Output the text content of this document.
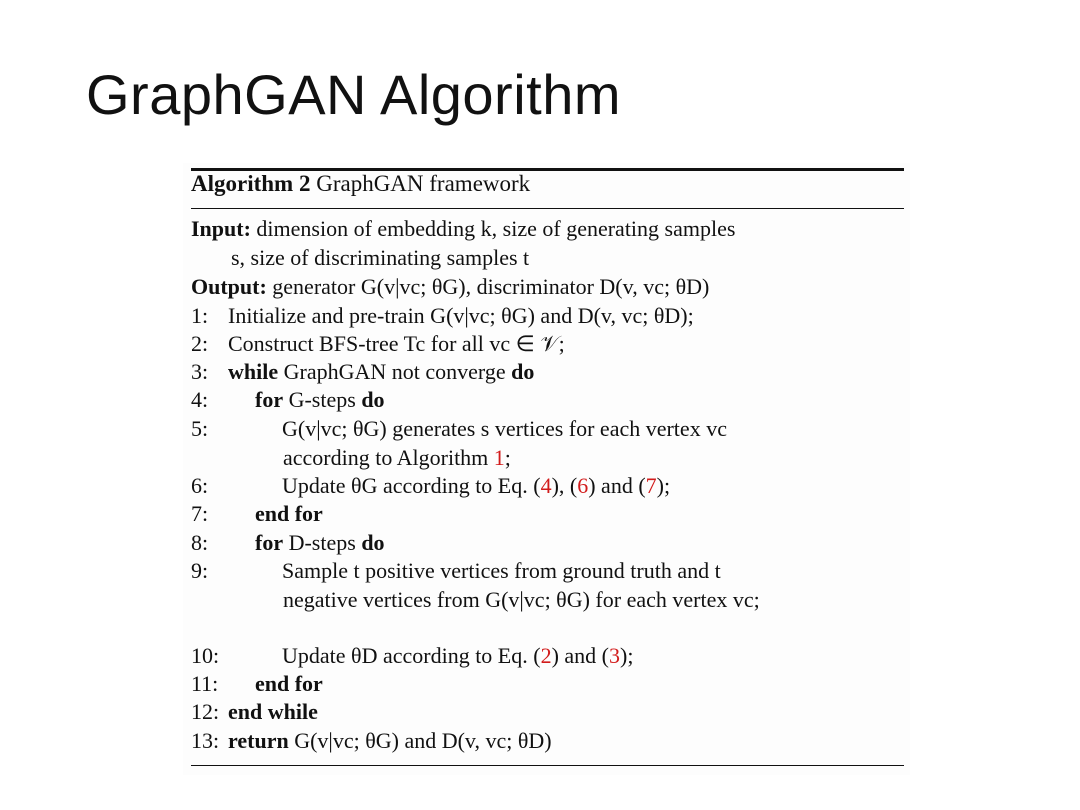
GraphGAN Algorithm
Algorithm 2 GraphGAN framework
Input: dimension of embedding k, size of generating samples
s, size of discriminating samples t
Output: generator G(v|vc; θG), discriminator D(v, vc; θD)
1: Initialize and pre-train G(v|vc; θG) and D(v, vc; θD);
2: Construct BFS-tree Tc for all vc ∈ 𝒱;
3: while GraphGAN not converge do
4: for G-steps do
5:	G(v|vc; θG) generates s vertices for each vertex vc
according to Algorithm 1;
6:	Update θG according to Eq. (4), (6) and (7);
7: end for
8: for D-steps do
9:	Sample t positive vertices from ground truth and t
negative vertices from G(v|vc; θG) for each vertex vc;
10:	Update θD according to Eq. (2) and (3);
11: end for
12: end while
13: return G(v|vc; θG) and D(v, vc; θD)
